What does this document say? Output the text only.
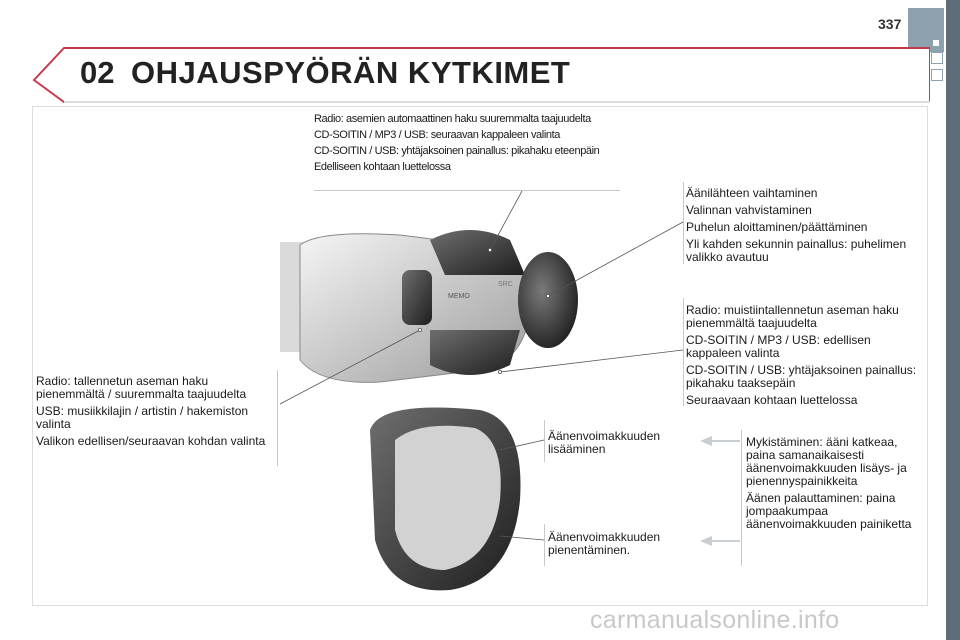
337
02 OHJAUSPYÖRÄN KYTKIMET
MEMO
SRC

Radio: asemien automaattinen haku suuremmalta taajuudelta

CD-SOITIN / MP3 / USB: seuraavan kappaleen valinta

CD-SOITIN / USB: yhtäjaksoinen painallus: pikahaku eteenpäin

Edelliseen kohtaan luettelossa

Äänilähteen vaihtaminen

Valinnan vahvistaminen

Puhelun aloittaminen/päättäminen

Yli kahden sekunnin painallus: puhelimen valikko avautuu

Radio: muistiintallennetun aseman haku pienemmältä taajuudelta

CD-SOITIN / MP3 / USB: edellisen kappaleen valinta

CD-SOITIN / USB: yhtäjaksoinen painallus: pikahaku taaksepäin

Seuraavaan kohtaan luettelossa

Radio: tallennetun aseman haku pienemmältä / suuremmalta taajuudelta

USB: musiikkilajin / artistin / hakemiston valinta

Valikon edellisen/seuraavan kohdan valinta	Äänenvoimakkuuden lisääminen
Äänenvoimakkuuden pienentäminen.

Mykistäminen: ääni katkeaa, paina samanaikaisesti äänenvoimakkuuden lisäys- ja pienennyspainikkeita

Äänen palauttaminen: paina jompaakumpaa äänenvoimakkuuden painiketta

carmanualsonline.info
